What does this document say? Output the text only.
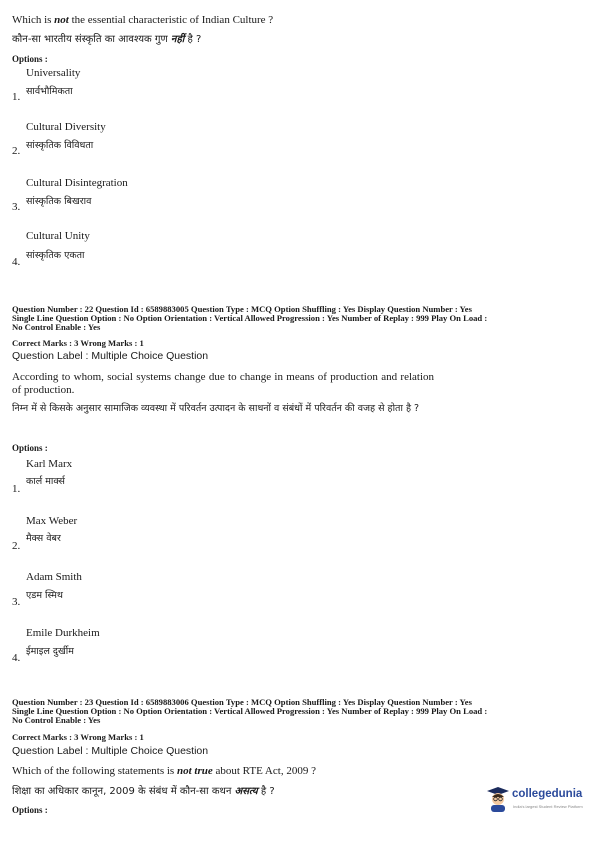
Which is not the essential characteristic of Indian Culture ?
कौन-सा भारतीय संस्कृति का आवश्यक गुण नहीं है ?
Options :
Universality
सार्वभौमिकता
1.
Cultural Diversity
सांस्कृतिक विविधता
2.
Cultural Disintegration
सांस्कृतिक बिखराव
3.
Cultural Unity
सांस्कृतिक एकता
4.
Question Number : 22 Question Id : 6589883005 Question Type : MCQ Option Shuffling : Yes Display Question Number : Yes
Single Line Question Option : No Option Orientation : Vertical Allowed Progression : Yes Number of Replay : 999 Play On Load :
No Control Enable : Yes
Correct Marks : 3 Wrong Marks : 1
Question Label : Multiple Choice Question
According to whom, social systems change due to change in means of production and relation of production.
निम्न में से किसके अनुसार सामाजिक व्यवस्था में परिवर्तन उत्पादन के साधनों व संबंधों में परिवर्तन की वजह से होता है ?
Options :
Karl Marx
कार्ल मार्क्स
1.
Max Weber
मैक्स वेबर
2.
Adam Smith
एडम स्मिथ
3.
Emile Durkheim
ईमाइल दुर्खीम
4.
Question Number : 23 Question Id : 6589883006 Question Type : MCQ Option Shuffling : Yes Display Question Number : Yes
Single Line Question Option : No Option Orientation : Vertical Allowed Progression : Yes Number of Replay : 999 Play On Load :
No Control Enable : Yes
Correct Marks : 3 Wrong Marks : 1
Question Label : Multiple Choice Question
Which of the following statements is not true about RTE Act, 2009 ?
शिक्षा का अधिकार कानून, 2009 के संबंध में कौन-सा कथन असत्य है ?
Options :
collegedunia
India's largest Student Review Platform
